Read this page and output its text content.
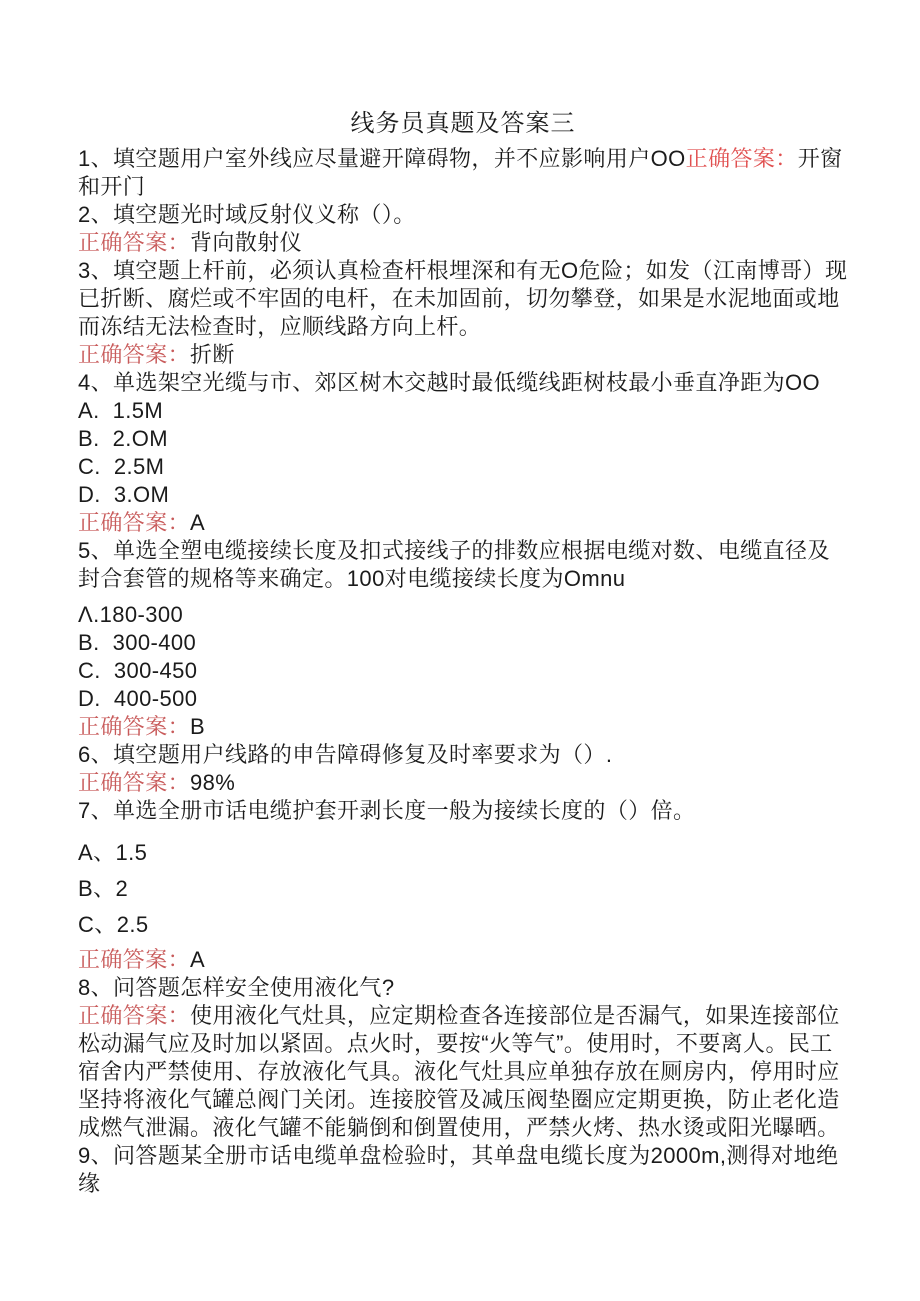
线务员真题及答案三
1、填空题用户室外线应尽量避开障碍物，并不应影响用户OO正确答案：开窗和开门
2、填空题光时域反射仪义称（）。
正确答案：背向散射仪
3、填空题上杆前，必须认真检查杆根埋深和有无O危险；如发（江南博哥）现已折断、腐烂或不牢固的电杆，在未加固前，切勿攀登，如果是水泥地面或地而冻结无法检查时，应顺线路方向上杆。
正确答案：折断
4、单选架空光缆与市、郊区树木交越时最低缆线距树枝最小垂直净距为OO
A.  1.5M
B.  2.OM
C.  2.5M
D.  3.OM
正确答案：A
5、单选全塑电缆接续长度及扣式接线子的排数应根据电缆对数、电缆直径及封合套管的规格等来确定。100对电缆接续长度为Omnu
Λ.180-300
B.  300-400
C.  300-450
D.  400-500
正确答案：B
6、填空题用户线路的申告障碍修复及时率要求为（）.
正确答案：98%
7、单选全册市话电缆护套开剥长度一般为接续长度的（）倍。
A、1.5
B、2
C、2.5
正确答案：A
8、问答题怎样安全使用液化气?
正确答案：使用液化气灶具，应定期检查各连接部位是否漏气，如果连接部位松动漏气应及时加以紧固。点火时，要按“火等气”。使用时，不要离人。民工宿舍内严禁使用、存放液化气具。液化气灶具应单独存放在厕房内，停用时应坚持将液化气罐总阀门关闭。连接胶管及减压阀垫圈应定期更换，防止老化造成燃气泄漏。液化气罐不能躺倒和倒置使用，严禁火烤、热水烫或阳光曝晒。
9、问答题某全册市话电缆单盘检验时，其单盘电缆长度为2000m,测得对地绝缘
